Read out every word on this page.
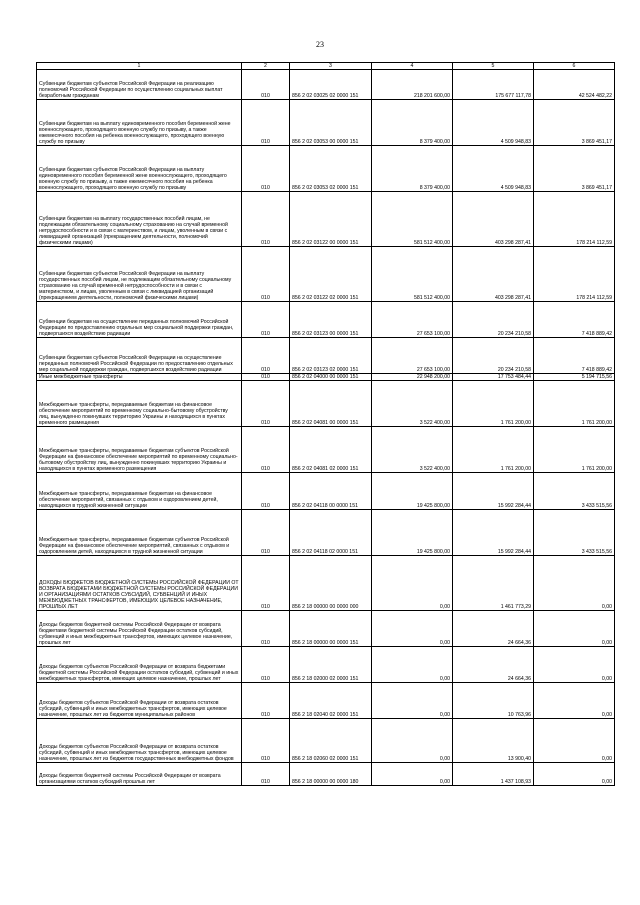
23
1	2	3	4	5	6
Субвенции бюджетам субъектов Российской Федерации на реализацию полномочий Российской Федерации по осуществлению социальных выплат безработным гражданам	010	856 2 02 03025 02 0000 151	218 201 600,00	175 677 117,78	42 524 482,22
Субвенции бюджетам на выплату единовременного пособия беременной жене военнослужащего, проходящего военную службу по призыву, а также ежемесячного пособия на ребенка военнослужащего, проходящего военную службу по призыву	010	856 2 02 03053 00 0000 151	8 379 400,00	4 509 948,83	3 869 451,17
Субвенции бюджетам субъектов Российской Федерации на выплату единовременного пособия беременной жене военнослужащего, проходящего военную службу по призыву, а также ежемесячного пособия на ребенка военнослужащего, проходящего военную службу по призыву	010	856 2 02 03053 02 0000 151	8 379 400,00	4 509 948,83	3 869 451,17
Субвенции бюджетам на выплату государственных пособий лицам, не подлежащим обязательному социальному страхованию на случай временной нетрудоспособности и в связи с материнством, и лицам, уволенным в связи с ликвидацией организаций (прекращением деятельности, полномочий физическими лицами)	010	856 2 02 03122 00 0000 151	581 512 400,00	403 298 287,41	178 214 112,59
Субвенции бюджетам субъектов Российской Федерации на выплату государственных пособий лицам, не подлежащим обязательному социальному страхованию на случай временной нетрудоспособности и в связи с материнством, и лицам, уволенным в связи с ликвидацией организаций (прекращением деятельности, полномочий физическими лицами)	010	856 2 02 03122 02 0000 151	581 512 400,00	403 298 287,41	178 214 112,59
Субвенции бюджетам на осуществление переданных полномочий Российской Федерации по предоставлению отдельных мер социальной поддержки граждан, подвергшихся воздействию радиации	010	856 2 02 03123 00 0000 151	27 653 100,00	20 234 210,58	7 418 889,42
Субвенции бюджетам субъектов Российской Федерации на осуществление переданных полномочий Российской Федерации по предоставлению отдельных мер социальной поддержки граждан, подвергшихся воздействию радиации	010	856 2 02 03123 02 0000 151	27 653 100,00	20 234 210,58	7 418 889,42
Иные межбюджетные трансферты	010	856 2 02 04000 00 0000 151	22 948 200,00	17 753 484,44	5 194 715,56
Межбюджетные трансферты, передаваемые бюджетам на финансовое обеспечение мероприятий по временному социально-бытовому обустройству лиц, вынужденно покинувших территорию Украины и находящихся в пунктах временного размещения	010	856 2 02 04081 00 0000 151	3 522 400,00	1 761 200,00	1 761 200,00
Межбюджетные трансферты, передаваемые бюджетам субъектов Российской Федерации на финансовое обеспечение мероприятий по временному социально-бытовому обустройству лиц, вынужденно покинувших территорию Украины и находящихся в пунктах временного размещения	010	856 2 02 04081 02 0000 151	3 522 400,00	1 761 200,00	1 761 200,00
Межбюджетные трансферты, передаваемые бюджетам на финансовое обеспечение мероприятий, связанных с отдыхом и оздоровлением детей, находящихся в трудной жизненной ситуации	010	856 2 02 04118 00 0000 151	19 425 800,00	15 992 284,44	3 433 515,56
Межбюджетные трансферты, передаваемые бюджетам субъектов Российской Федерации на финансовое обеспечение мероприятий, связанных с отдыхом и оздоровлением детей, находящихся в трудной жизненной ситуации	010	856 2 02 04118 02 0000 151	19 425 800,00	15 992 284,44	3 433 515,56
ДОХОДЫ БЮДЖЕТОВ БЮДЖЕТНОЙ СИСТЕМЫ РОССИЙСКОЙ ФЕДЕРАЦИИ ОТ ВОЗВРАТА БЮДЖЕТАМИ БЮДЖЕТНОЙ СИСТЕМЫ РОССИЙСКОЙ ФЕДЕРАЦИИ И ОРГАНИЗАЦИЯМИ ОСТАТКОВ СУБСИДИЙ, СУБВЕНЦИЙ И ИНЫХ МЕЖБЮДЖЕТНЫХ ТРАНСФЕРТОВ, ИМЕЮЩИХ ЦЕЛЕВОЕ НАЗНАЧЕНИЕ, ПРОШЛЫХ ЛЕТ	010	856 2 18 00000 00 0000 000	0,00	1 461 773,29	0,00
Доходы бюджетов бюджетной системы Российской Федерации от возврата бюджетами бюджетной системы Российской Федерации остатков субсидий, субвенций и иных межбюджетных трансфертов, имеющих целевое назначение, прошлых лет	010	856 2 18 00000 00 0000 151	0,00	24 664,36	0,00
Доходы бюджетов субъектов Российской Федерации от возврата бюджетами бюджетной системы Российской Федерации остатков субсидий, субвенций и иных межбюджетных трансфертов, имеющих целевое назначение, прошлых лет	010	856 2 18 02000 02 0000 151	0,00	24 664,36	0,00
Доходы бюджетов субъектов Российской Федерации от возврата остатков субсидий, субвенций и иных межбюджетных трансфертов, имеющих целевое назначение, прошлых лет из бюджетов муниципальных районов	010	856 2 18 02040 02 0000 151	0,00	10 763,96	0,00
Доходы бюджетов субъектов Российской Федерации от возврата остатков субсидий, субвенций и иных межбюджетных трансфертов, имеющих целевое назначение, прошлых лет из бюджетов государственных внебюджетных фондов	010	856 2 18 02060 02 0000 151	0,00	13 900,40	0,00
Доходы бюджетов бюджетной системы Российской Федерации от возврата организациями остатков субсидий прошлых лет	010	856 2 18 00000 00 0000 180	0,00	1 437 108,93	0,00
